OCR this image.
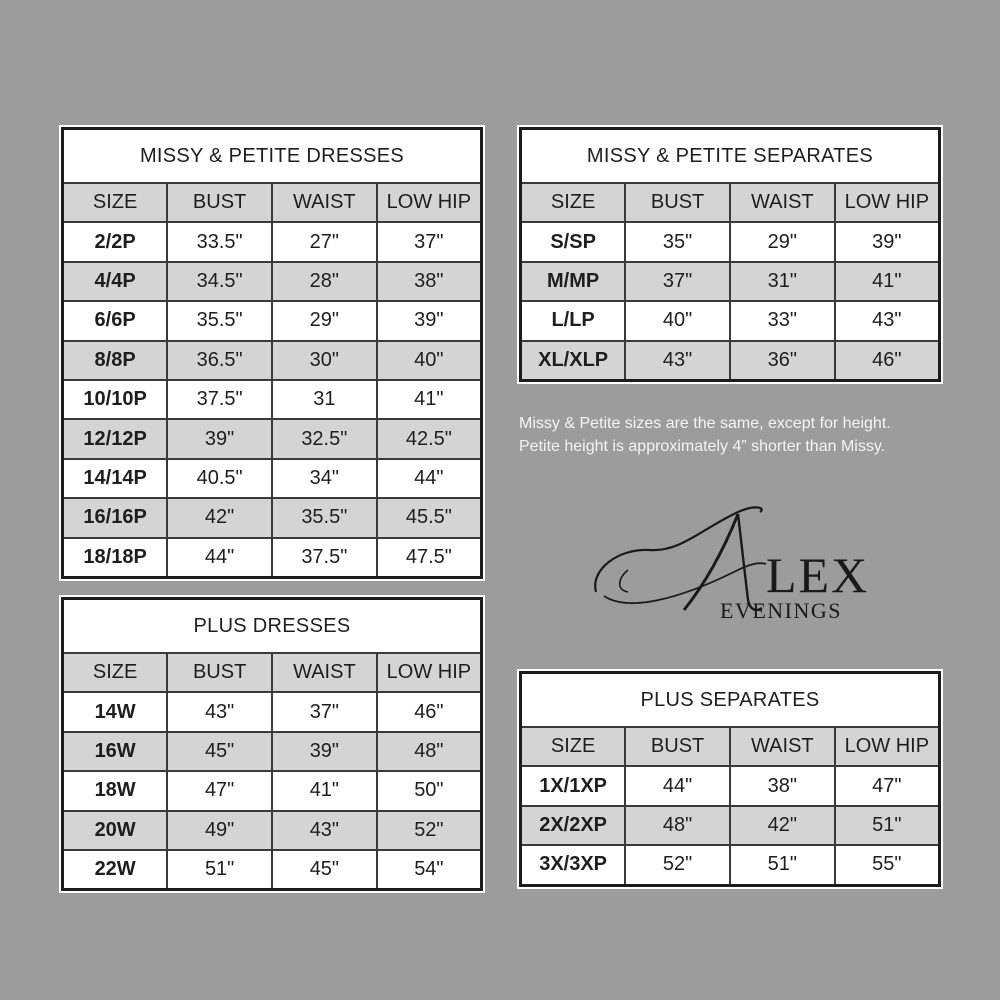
MISSY & PETITE DRESSES			
SIZE	BUST	WAIST	LOW HIP
2/2P	33.5"	27"	37"
4/4P	34.5"	28"	38"
6/6P	35.5"	29"	39"
8/8P	36.5"	30"	40"
10/10P	37.5"	31	41"
12/12P	39"	32.5"	42.5"
14/14P	40.5"	34"	44"
16/16P	42"	35.5"	45.5"
18/18P	44"	37.5"	47.5"
MISSY & PETITE SEPARATES			
SIZE	BUST	WAIST	LOW HIP
S/SP	35"	29"	39"
M/MP	37"	31"	41"
L/LP	40"	33"	43"
XL/XLP	43"	36"	46"
PLUS DRESSES			
SIZE	BUST	WAIST	LOW HIP
14W	43"	37"	46"
16W	45"	39"	48"
18W	47"	41"	50"
20W	49"	43"	52"
22W	51"	45"	54"
PLUS SEPARATES			
SIZE	BUST	WAIST	LOW HIP
1X/1XP	44"	38"	47"
2X/2XP	48"	42"	51"
3X/3XP	52"	51"	55"
Missy & Petite sizes are the same, except for height.
Petite height is approximately 4” shorter than Missy.
LEX
EVENINGS
